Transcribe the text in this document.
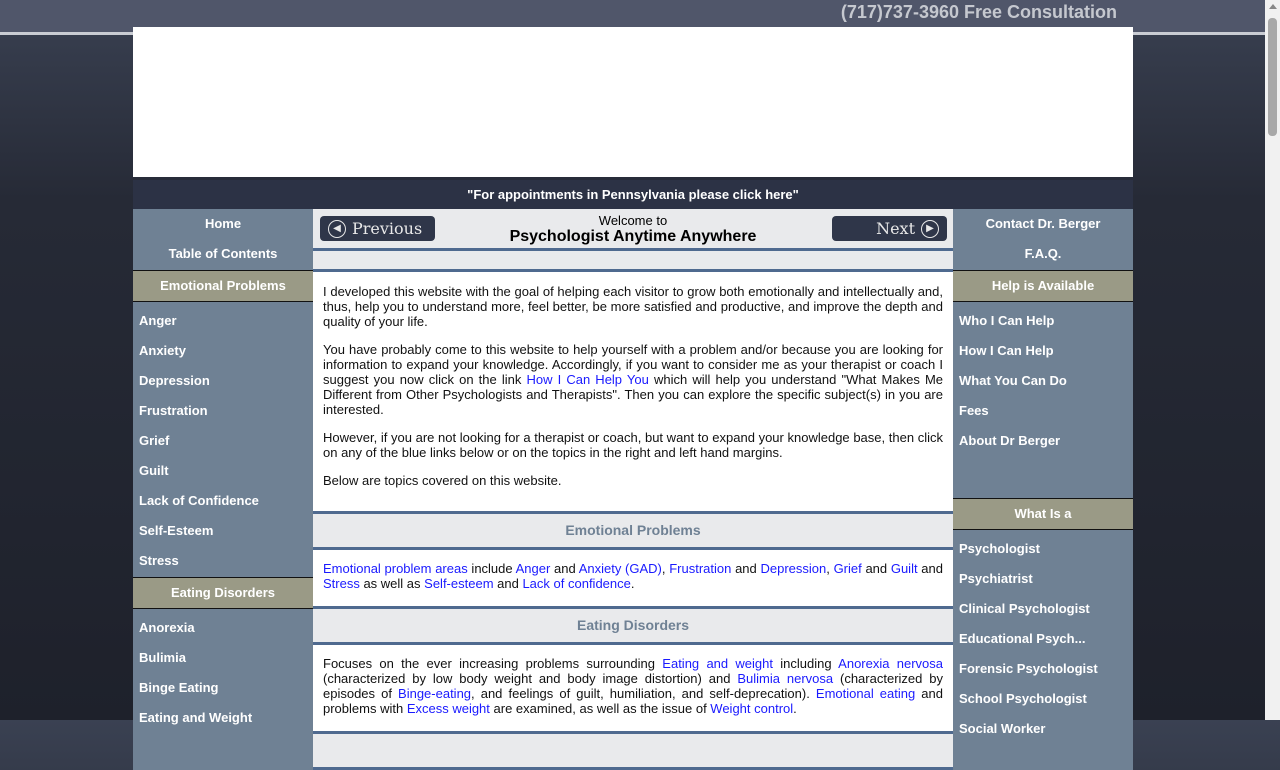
(717)737-3960 Free Consultation
"For appointments in Pennsylvania please click here"
Home
Table of Contents
Emotional Problems
Anger
Anxiety
Depression
Frustration
Grief
Guilt
Lack of Confidence
Self-Esteem
Stress
Eating Disorders
Anorexia
Bulimia
Binge Eating
Eating and Weight
Welcome to
Psychologist Anytime Anywhere
◀ Previous	Next	▶

I developed this website with the goal of helping each visitor to grow both emotionally and intellectually and, thus, help you to understand more, feel better, be more satisfied and productive, and improve the depth and quality of your life.

You have probably come to this website to help yourself with a problem and/or because you are looking for information to expand your knowledge. Accordingly, if you want to consider me as your therapist or coach I suggest you now click on the link How I Can Help You which will help you understand "What Makes Me Different from Other Psychologists and Therapists". Then you can explore the specific subject(s) in you are interested.

However, if you are not looking for a therapist or coach, but want to expand your knowledge base, then click on any of the blue links below or on the topics in the right and left hand margins.

Below are topics covered on this website.

Emotional Problems
Emotional problem areas include Anger and Anxiety (GAD), Frustration and Depression, Grief and Guilt and Stress as well as Self-esteem and Lack of confidence.
Eating Disorders
Focuses on the ever increasing problems surrounding Eating and weight including Anorexia nervosa (characterized by low body weight and body image distortion) and Bulimia nervosa (characterized by episodes of Binge-eating, and feelings of guilt, humiliation, and self-deprecation). Emotional eating and problems with Excess weight are examined, as well as the issue of Weight control.
Contact Dr. Berger
F.A.Q.
Help is Available
Who I Can Help
How I Can Help
What You Can Do
Fees
About Dr Berger
What Is a
Psychologist
Psychiatrist
Clinical Psychologist
Educational Psych...
Forensic Psychologist
School Psychologist
Social Worker
